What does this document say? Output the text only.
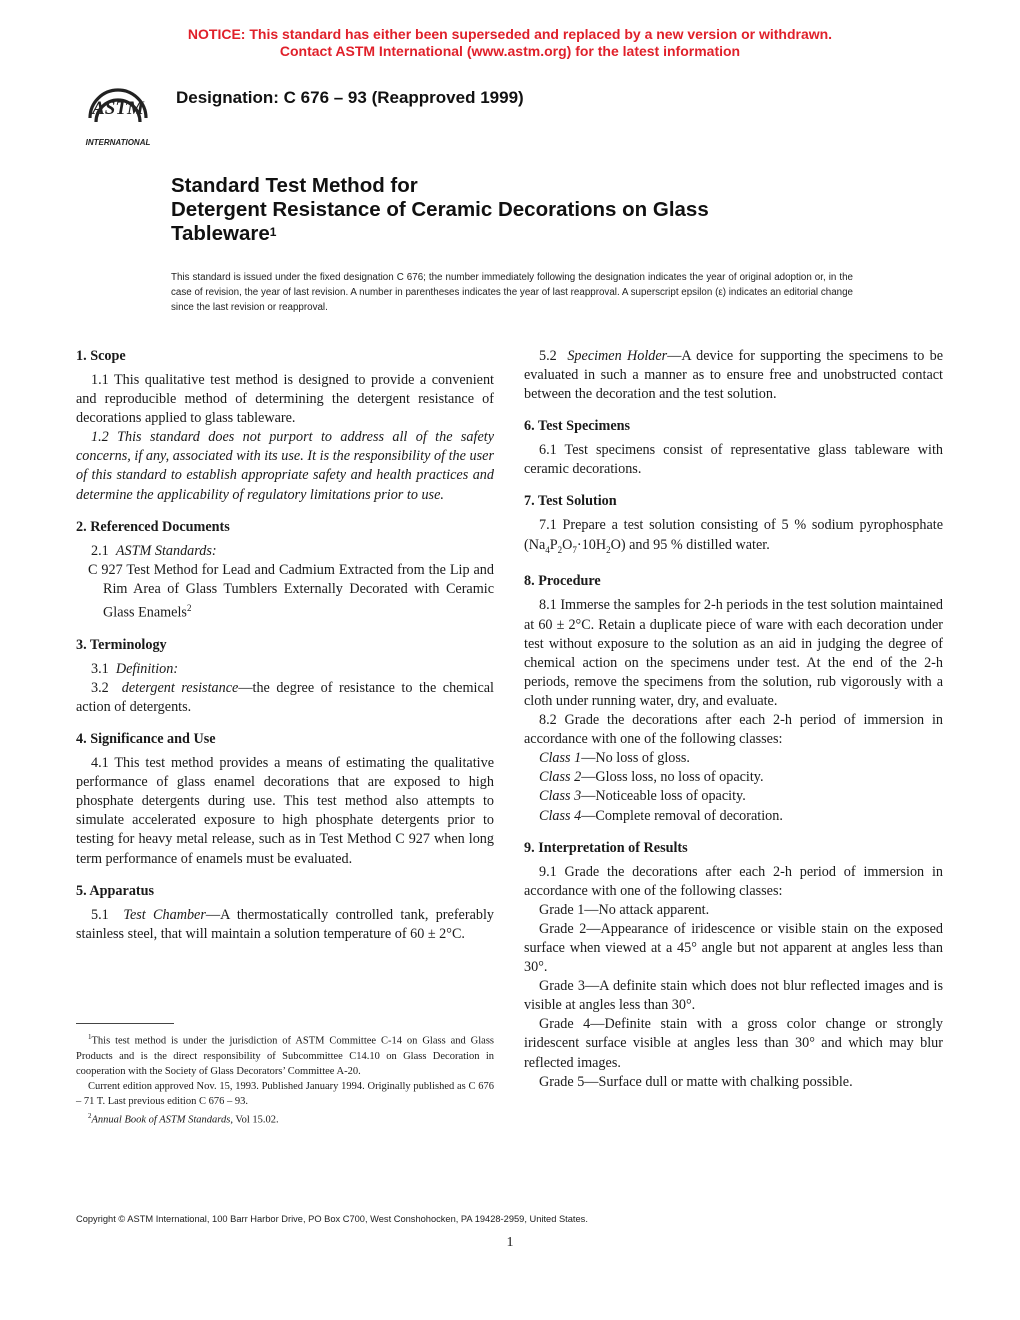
NOTICE: This standard has either been superseded and replaced by a new version or withdrawn.
Contact ASTM International (www.astm.org) for the latest information
ASTM
INTERNATIONAL
Designation: C 676 – 93 (Reapproved 1999)
Standard Test Method for
Detergent Resistance of Ceramic Decorations on Glass
Tableware$^1$
This standard is issued under the fixed designation C 676; the number immediately following the designation indicates the year of original adoption or, in the case of revision, the year of last revision. A number in parentheses indicates the year of last reapproval. A superscript epsilon (ε) indicates an editorial change since the last revision or reapproval.
1. Scope

1.1 This qualitative test method is designed to provide a convenient and reproducible method of determining the detergent resistance of decorations applied to glass tableware.

1.2 This standard does not purport to address all of the safety concerns, if any, associated with its use. It is the responsibility of the user of this standard to establish appropriate safety and health practices and determine the applicability of regulatory limitations prior to use.

2. Referenced Documents

2.1 ASTM Standards:

C 927 Test Method for Lead and Cadmium Extracted from the Lip and Rim Area of Glass Tumblers Externally Decorated with Ceramic Glass Enamels$^2$

3. Terminology

3.1 Definition:

3.2 detergent resistance—the degree of resistance to the chemical action of detergents.

4. Significance and Use

4.1 This test method provides a means of estimating the qualitative performance of glass enamel decorations that are exposed to high phosphate detergents during use. This test method also attempts to simulate accelerated exposure to high phosphate detergents prior to testing for heavy metal release, such as in Test Method C 927 when long term performance of enamels must be evaluated.

5. Apparatus

5.1 Test Chamber—A thermostatically controlled tank, preferably stainless steel, that will maintain a solution temperature of 60 ± 2°C.

$^1$This test method is under the jurisdiction of ASTM Committee C-14 on Glass and Glass Products and is the direct responsibility of Subcommittee C14.10 on Glass Decoration in cooperation with the Society of Glass Decorators’ Committee A-20.

Current edition approved Nov. 15, 1993. Published January 1994. Originally published as C 676 – 71 T. Last previous edition C 676 – 93.

$^2$Annual Book of ASTM Standards, Vol 15.02.

5.2 Specimen Holder—A device for supporting the specimens to be evaluated in such a manner as to ensure free and unobstructed contact between the decoration and the test solution.

6. Test Specimens

6.1 Test specimens consist of representative glass tableware with ceramic decorations.

7. Test Solution

7.1 Prepare a test solution consisting of 5 % sodium pyrophosphate $(Na_4P_2O_7\cdot 10H_2O)$ and 95 % distilled water.

8. Procedure

8.1 Immerse the samples for 2-h periods in the test solution maintained at 60 ± 2°C. Retain a duplicate piece of ware with each decoration under test without exposure to the solution as an aid in judging the degree of chemical action on the specimens under test. At the end of the 2-h periods, remove the specimens from the solution, rub vigorously with a cloth under running water, dry, and evaluate.

8.2 Grade the decorations after each 2-h period of immersion in accordance with one of the following classes:

Class 1—No loss of gloss.

Class 2—Gloss loss, no loss of opacity.

Class 3—Noticeable loss of opacity.

Class 4—Complete removal of decoration.

9. Interpretation of Results

9.1 Grade the decorations after each 2-h period of immersion in accordance with one of the following classes:

Grade 1—No attack apparent.

Grade 2—Appearance of iridescence or visible stain on the exposed surface when viewed at a 45° angle but not apparent at angles less than 30°.

Grade 3—A definite stain which does not blur reflected images and is visible at angles less than 30°.

Grade 4—Definite stain with a gross color change or strongly iridescent surface visible at angles less than 30° and which may blur reflected images.

Grade 5—Surface dull or matte with chalking possible.

Copyright © ASTM International, 100 Barr Harbor Drive, PO Box C700, West Conshohocken, PA 19428-2959, United States.
1
